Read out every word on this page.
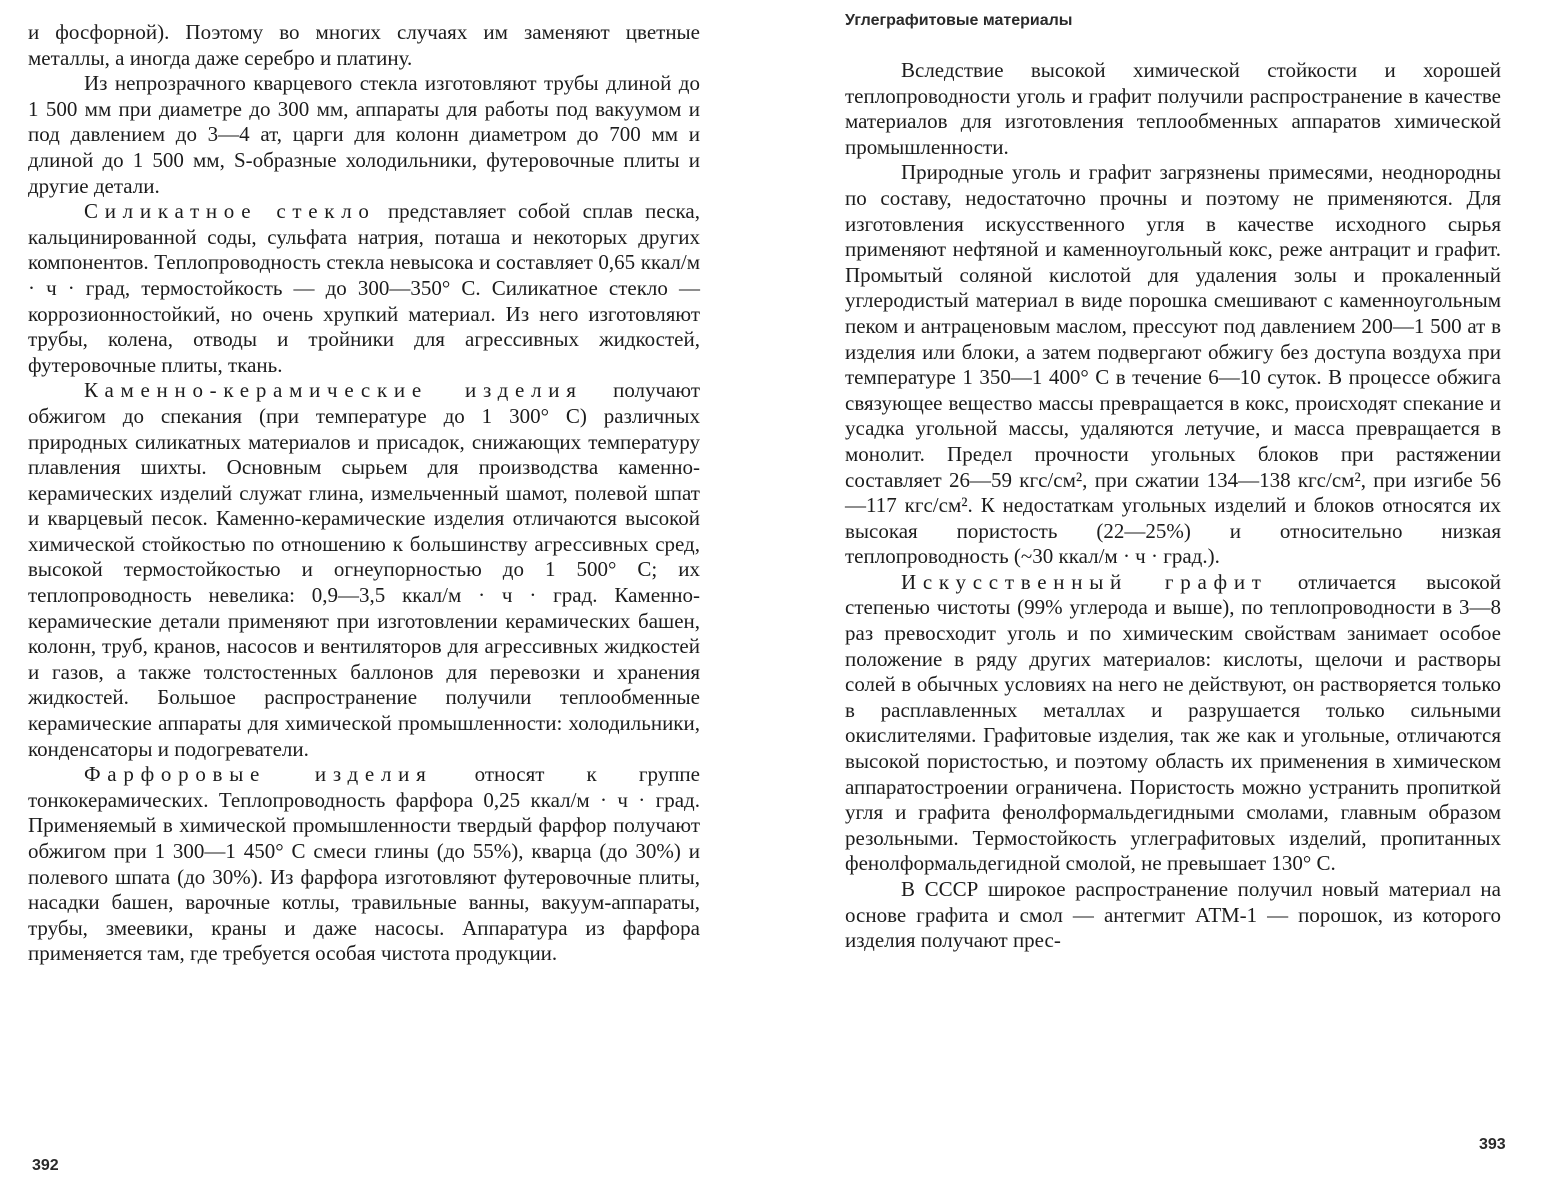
и фосфорной). Поэтому во многих случаях им заменяют цветные металлы, а иногда даже серебро и платину.

Из непрозрачного кварцевого стекла изготовляют трубы длиной до 1 500 мм при диаметре до 300 мм, аппараты для работы под вакуумом и под давлением до 3—4 ат, царги для колонн диаметром до 700 мм и длиной до 1 500 мм, S-образные холодильники, футеровочные плиты и другие детали.

Силикатное стекло представляет собой сплав песка, кальцинированной соды, сульфата натрия, поташа и некоторых других компонентов. Теплопроводность стекла невысока и составляет 0,65 ккал/м · ч · град, термостойкость — до 300—350° С. Силикатное стекло — коррозионностойкий, но очень хрупкий материал. Из него изготовляют трубы, колена, отводы и тройники для агрессивных жидкостей, футеровочные плиты, ткань.

Каменно-керамические изделия получают обжигом до спекания (при температуре до 1 300° С) различных природных силикатных материалов и присадок, снижающих температуру плавления шихты. Основным сырьем для производства каменно-керамических изделий служат глина, измельченный шамот, полевой шпат и кварцевый песок. Каменно-керамические изделия отличаются высокой химической стойкостью по отношению к большинству агрессивных сред, высокой термостойкостью и огнеупорностью до 1 500° С; их теплопроводность невелика: 0,9—3,5 ккал/м · ч · град. Каменно-керамические детали применяют при изготовлении керамических башен, колонн, труб, кранов, насосов и вентиляторов для агрессивных жидкостей и газов, а также толстостенных баллонов для перевозки и хранения жидкостей. Большое распространение получили теплообменные керамические аппараты для химической промышленности: холодильники, конденсаторы и подогреватели.

Фарфоровые изделия относят к группе тонкокерамических. Теплопроводность фарфора 0,25 ккал/м · ч · град. Применяемый в химической промышленности твердый фарфор получают обжигом при 1 300—1 450° С смеси глины (до 55%), кварца (до 30%) и полевого шпата (до 30%). Из фарфора изготовляют футеровочные плиты, насадки башен, варочные котлы, травильные ванны, вакуум-аппараты, трубы, змеевики, краны и даже насосы. Аппаратура из фарфора применяется там, где требуется особая чистота продукции.

392
Углеграфитовые материалы

Вследствие высокой химической стойкости и хорошей теплопроводности уголь и графит получили распространение в качестве материалов для изготовления теплообменных аппаратов химической промышленности.

Природные уголь и графит загрязнены примесями, неоднородны по составу, недостаточно прочны и поэтому не применяются. Для изготовления искусственного угля в качестве исходного сырья применяют нефтяной и каменноугольный кокс, реже антрацит и графит. Промытый соляной кислотой для удаления золы и прокаленный углеродистый материал в виде порошка смешивают с каменноугольным пеком и антраценовым маслом, прессуют под давлением 200—1 500 ат в изделия или блоки, а затем подвергают обжигу без доступа воздуха при температуре 1 350—1 400° С в течение 6—10 суток. В процессе обжига связующее вещество массы превращается в кокс, происходят спекание и усадка угольной массы, удаляются летучие, и масса превращается в монолит. Предел прочности угольных блоков при растяжении составляет 26—59 кгс/см², при сжатии 134—138 кгс/см², при изгибе 56—117 кгс/см². К недостаткам угольных изделий и блоков относятся их высокая пористость (22—25%) и относительно низкая теплопроводность (~30 ккал/м · ч · град.).

Искусственный графит отличается высокой степенью чистоты (99% углерода и выше), по теплопроводности в 3—8 раз превосходит уголь и по химическим свойствам занимает особое положение в ряду других материалов: кислоты, щелочи и растворы солей в обычных условиях на него не действуют, он растворяется только в расплавленных металлах и разрушается только сильными окислителями. Графитовые изделия, так же как и угольные, отличаются высокой пористостью, и поэтому область их применения в химическом аппаратостроении ограничена. Пористость можно устранить пропиткой угля и графита фенолформальдегидными смолами, главным образом резольными. Термостойкость углеграфитовых изделий, пропитанных фенолформальдегидной смолой, не превышает 130° С.

В СССР широкое распространение получил новый материал на основе графита и смол — антегмит АТМ-1 — порошок, из которого изделия получают прес-

393
